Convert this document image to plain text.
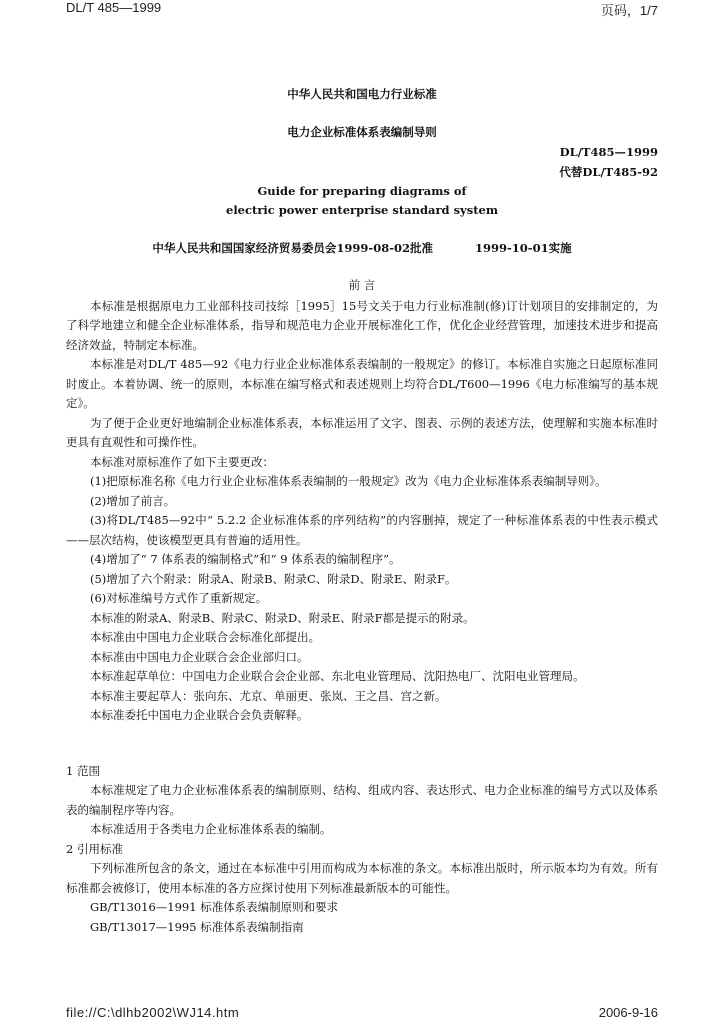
DL/T 485—1999	页码，1/7
中华人民共和国电力行业标准
电力企业标准体系表编制导则
DL/T485—1999
代替DL/T485-92
Guide for preparing diagrams of
electric power enterprise standard system
中华人民共和国国家经济贸易委员会1999-08-02批准	1999-10-01实施

前 言

本标准是根据原电力工业部科技司技综［1995］15号文关于电力行业标准制(修)订计划项目的安排制定的，为了科学地建立和健全企业标准体系，指导和规范电力企业开展标准化工作，优化企业经营管理，加速技术进步和提高经济效益，特制定本标准。

本标准是对DL/T 485—92《电力行业企业标准体系表编制的一般规定》的修订。本标准自实施之日起原标准同时废止。本着协调、统一的原则，本标准在编写格式和表述规则上均符合DL/T600—1996《电力标准编写的基本规定》。

为了便于企业更好地编制企业标准体系表，本标准运用了文字、图表、示例的表述方法，使理解和实施本标准时更具有直观性和可操作性。

本标准对原标准作了如下主要更改：

(1)把原标准名称《电力行业企业标准体系表编制的一般规定》改为《电力企业标准体系表编制导则》。

(2)增加了前言。

(3)将DL/T485—92中“ 5.2.2 企业标准体系的序列结构”的内容删掉，规定了一种标准体系表的中性表示模式——层次结构，使该模型更具有普遍的适用性。

(4)增加了“ 7 体系表的编制格式”和“ 9 体系表的编制程序”。

(5)增加了六个附录：附录A、附录B、附录C、附录D、附录E、附录F。

(6)对标准编号方式作了重新规定。

本标准的附录A、附录B、附录C、附录D、附录E、附录F都是提示的附录。

本标准由中国电力企业联合会标准化部提出。

本标准由中国电力企业联合会企业部归口。

本标准起草单位：中国电力企业联合会企业部、东北电业管理局、沈阳热电厂、沈阳电业管理局。

本标准主要起草人：张向东、尤京、单丽更、张岚、王之昌、宫之新。

本标准委托中国电力企业联合会负责解释。

1 范围

本标准规定了电力企业标准体系表的编制原则、结构、组成内容、表达形式、电力企业标准的编号方式以及体系表的编制程序等内容。

本标准适用于各类电力企业标准体系表的编制。

2 引用标准

下列标准所包含的条文，通过在本标准中引用而构成为本标准的条文。本标准出版时，所示版本均为有效。所有标准都会被修订，使用本标准的各方应探讨使用下列标准最新版本的可能性。

GB/T13016—1991 标准体系表编制原则和要求

GB/T13017—1995 标准体系表编制指南

file://C:\dlhb2002\WJ14.htm	2006-9-16
